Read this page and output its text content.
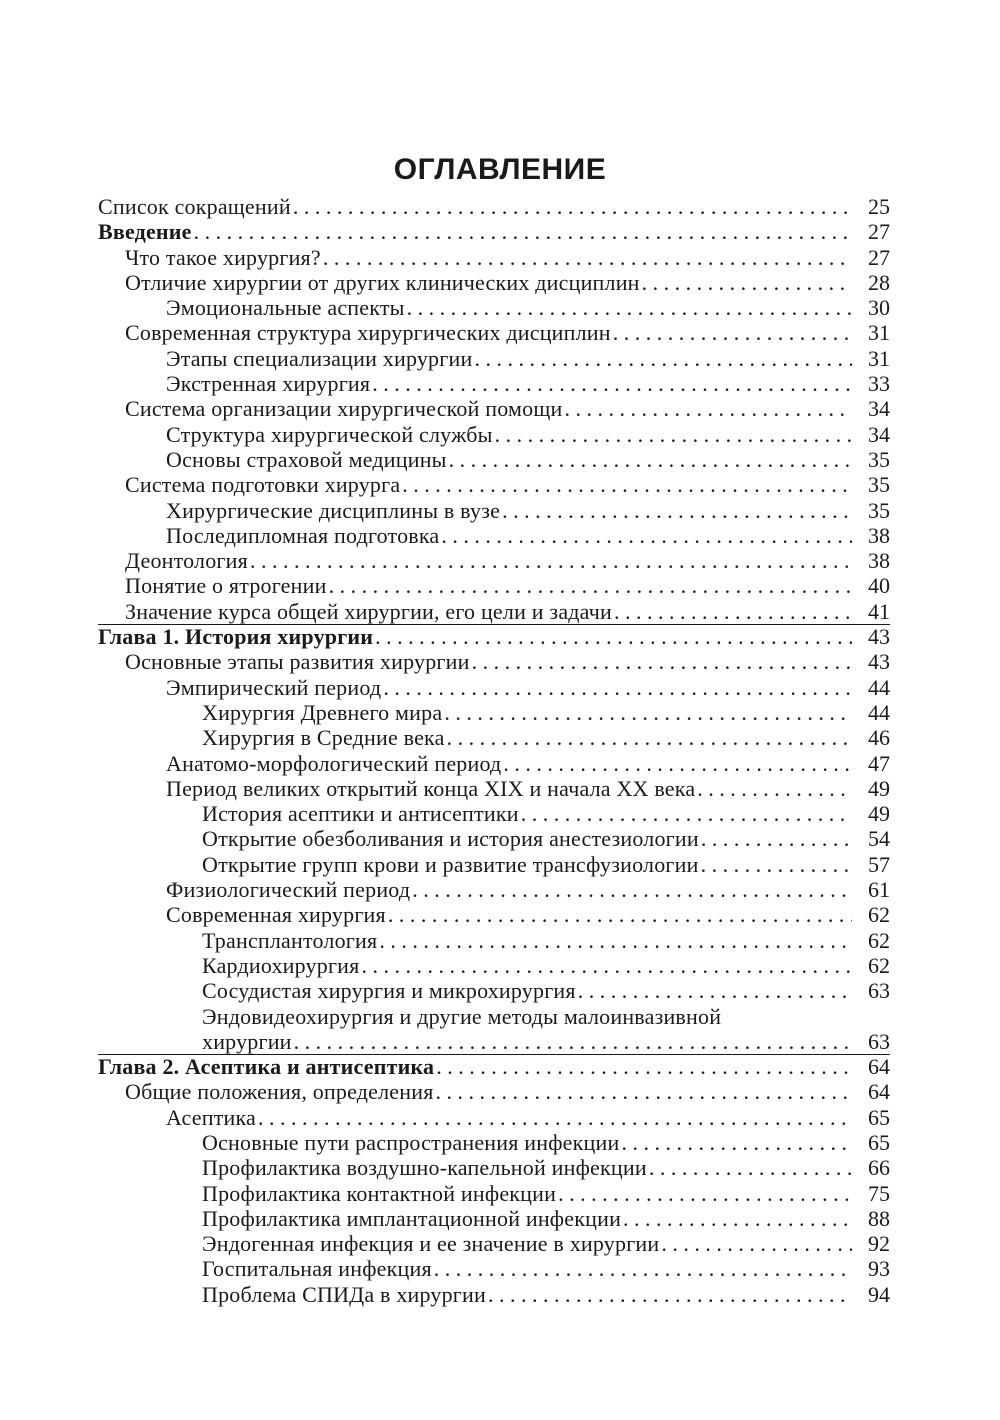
ОГЛАВЛЕНИЕ
Список сокращений . . .	25
Введение . . .	27
Что такое хирургия? . . .	27
Отличие хирургии от других клинических дисциплин . . .	28
Эмоциональные аспекты . . .	30
Современная структура хирургических дисциплин . . .	31
Этапы специализации хирургии . . .	31
Экстренная хирургия . . .	33
Система организации хирургической помощи . . .	34
Структура хирургической службы . . .	34
Основы страховой медицины . . .	35
Система подготовки хирурга . . .	35
Хирургические дисциплины в вузе . . .	35
Последипломная подготовка . . .	38
Деонтология . . .	38
Понятие о ятрогении . . .	40
Значение курса общей хирургии, его цели и задачи . . .	41
Глава 1. История хирургии . . .	43
Основные этапы развития хирургии . . .	43
Эмпирический период . . .	44
Хирургия Древнего мира . . .	44
Хирургия в Средние века . . .	46
Анатомо-морфологический период . . .	47
Период великих открытий конца XIX и начала XX века . . .	49
История асептики и антисептики . . .	49
Открытие обезболивания и история анестезиологии . . .	54
Открытие групп крови и развитие трансфузиологии . . .	57
Физиологический период . . .	61
Современная хирургия . . .	62
Трансплантология . . .	62
Кардиохирургия . . .	62
Сосудистая хирургия и микрохирургия . . .	63
Эндовидеохирургия и другие методы малоинвазивной
хирургии . . .	63
Глава 2. Асептика и антисептика . . .	64
Общие положения, определения . . .	64
Асептика . . .	65
Основные пути распространения инфекции . . .	65
Профилактика воздушно-капельной инфекции . . .	66
Профилактика контактной инфекции . . .	75
Профилактика имплантационной инфекции . . .	88
Эндогенная инфекция и ее значение в хирургии . . .	92
Госпитальная инфекция . . .	93
Проблема СПИДа в хирургии . . .	94
